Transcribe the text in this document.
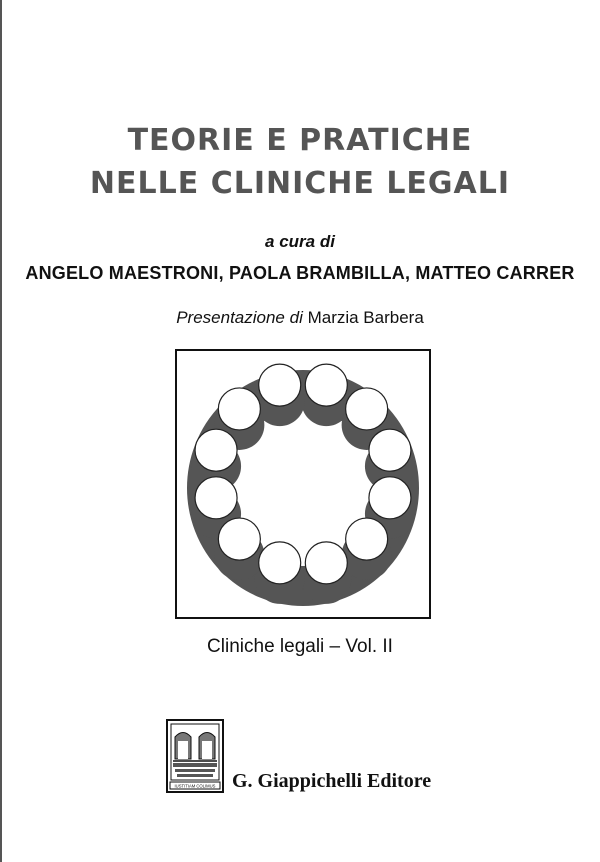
TEORIE E PRATICHE
NELLE CLINICHE LEGALI
a cura di
ANGELO MAESTRONI, PAOLA BRAMBILLA, MATTEO CARRER
Presentazione di Marzia Barbera
Cliniche legali – Vol. II
IUSTITIAM COLIMUS G. Giappichelli Editore
